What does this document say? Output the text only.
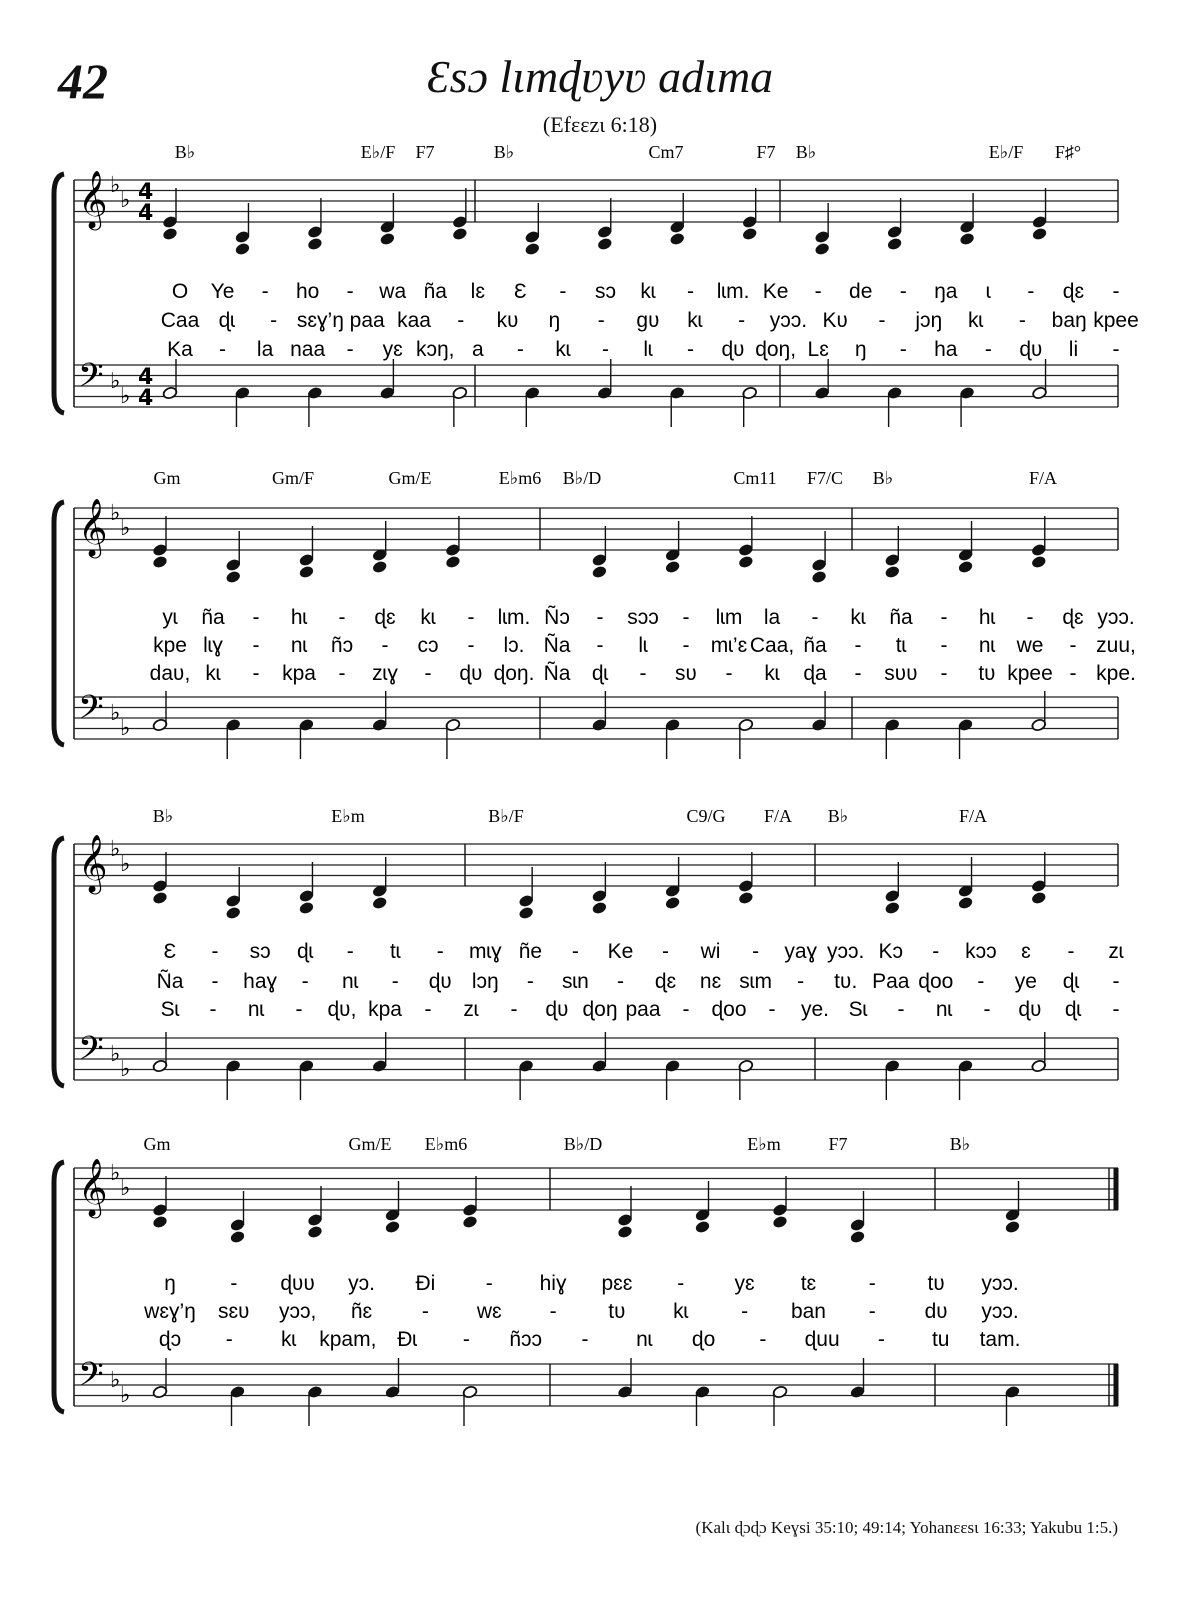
42	Ɛsɔ lɩmɖʋyʋ adɩma
(Efɛɛzɩ 6:18)
𝄞
𝄢
♭
♭
♭
♭
4
4
4
4
B♭	E♭/F F7	B♭	Cm7	F7 B♭	E♭/F F♯°
O Ye - ho - wa ña lɛ Ɛ - sɔ kɩ - lɩm. Ke - de - ŋa ɩ - ɖɛ -
Caa ɖɩ - sɛɣ’ŋ paa kaa - kʋ ŋ - gʋ kɩ - yɔɔ. Kʋ - jɔŋ kɩ - baŋ kpee
Ka - la naa - yɛ kɔŋ, a - kɩ - lɩ - ɖʋ ɖoŋ, Lɛ ŋ - ha - ɖʋ li -
𝄞
𝄢
♭
♭
♭
♭
Gm	Gm/F	Gm/E	E♭m6 B♭/D	Cm11 F7/C B♭	F/A
yɩ ña - hɩ - ɖɛ kɩ - lɩm. Ñɔ - sɔɔ - lɩm la - kɩ ña - hɩ - ɖɛ yɔɔ.
kpe lɩɣ - nɩ ñɔ - cɔ - lɔ. Ña - lɩ - mɩ’ɛ Caa, ña - tɩ - nɩ we - zuu,
daʋ, kɩ - kpa - zɩɣ - ɖʋ ɖoŋ. Ña ɖɩ - sʋ - kɩ ɖa - sʋʋ - tʋ kpee - kpe.
𝄞
𝄢
♭
♭
♭
♭
B♭	E♭m	B♭/F	C9/G F/A B♭	F/A
Ɛ - sɔ ɖɩ - tɩ - mɩɣ ñe - Ke - wi - yaɣ yɔɔ. Kɔ - kɔɔ ɛ - zɩ
Ña - haɣ - nɩ - ɖʋ lɔŋ - sɩn - ɖɛ nɛ sɩm - tʋ. Paa ɖoo - ye ɖɩ -
Sɩ - nɩ - ɖʋ, kpa - zɩ - ɖʋ ɖoŋ paa - ɖoo - ye. Sɩ - nɩ - ɖʋ ɖɩ -
𝄞
𝄢
♭
♭
♭
♭
Gm	Gm/E E♭m6	B♭/D	E♭m	F7	B♭
ŋ	- ɖʋʋ yɔ. Ði - hiɣ pɛɛ - yɛ tɛ	- tʋ yɔɔ.
wɛɣ’ŋ sɛʋ yɔɔ, ñɛ - wɛ - tʋ kɩ	- ban - dʋ yɔɔ.
ɖɔ - kɩ kpam, Ðɩ - ñɔɔ - nɩ ɖo - ɖuu - tu tam.
(Kalɩ ɖɔɖɔ Keɣsi 35:10; 49:14; Yohanɛɛsɩ 16:33; Yakubu 1:5.)
